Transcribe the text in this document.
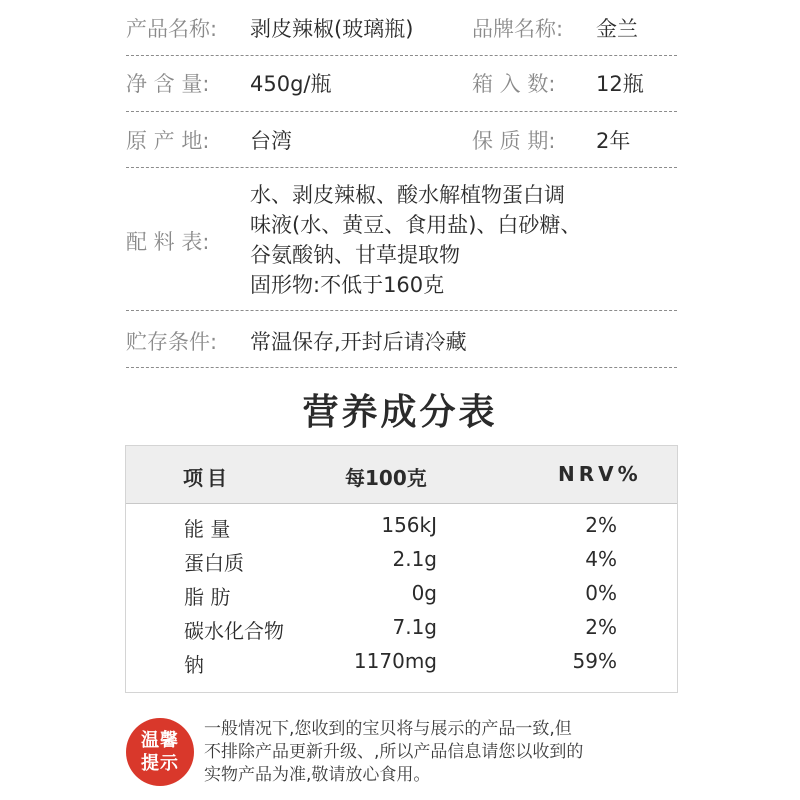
产品名称: 剥皮辣椒(玻璃瓶)	品牌名称: 金兰
净 含 量: 450g/瓶	箱 入 数: 12瓶
原 产 地: 台湾	保 质 期: 2年
配 料 表:
水、剥皮辣椒、酸水解植物蛋白调
味液(水、黄豆、食用盐)、白砂糖、
谷氨酸钠、甘草提取物
固形物:不低于160克
贮存条件: 常温保存,开封后请冷藏
营养成分表
项目	每100克	NRV%
能 量	156kJ	2%
蛋白质	2.1g	4%
脂 肪	0g	0%
碳水化合物	7.1g	2%
钠	1170mg	59%
温馨
提示
一般情况下,您收到的宝贝将与展示的产品一致,但
不排除产品更新升级、,所以产品信息请您以收到的
实物产品为准,敬请放心食用。
